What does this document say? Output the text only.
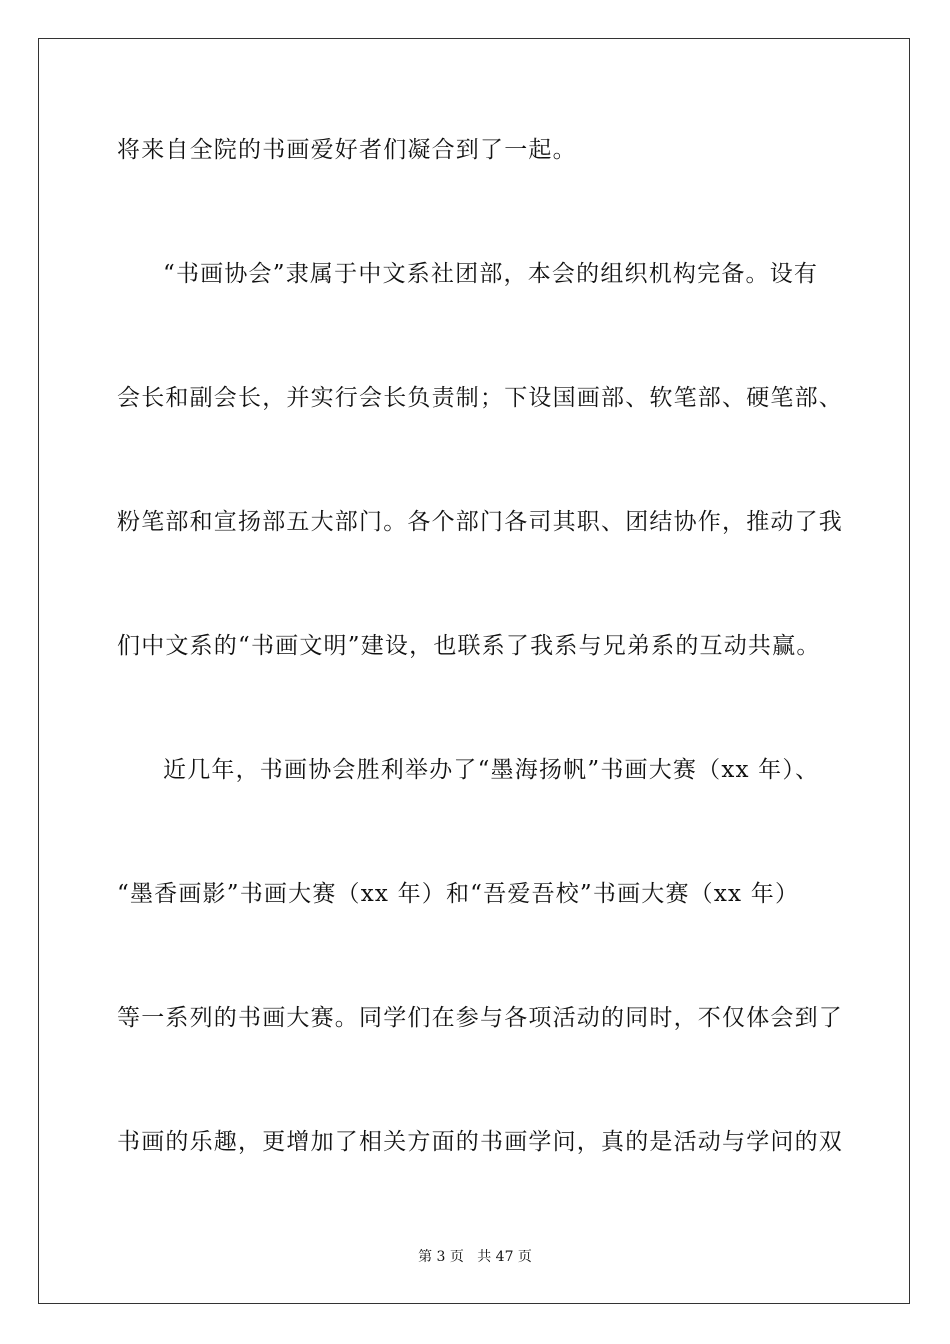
将来自全院的书画爱好者们凝合到了一起。
“书画协会”隶属于中文系社团部，本会的组织机构完备。设有
会长和副会长，并实行会长负责制；下设国画部、软笔部、硬笔部、
粉笔部和宣扬部五大部门。各个部门各司其职、团结协作，推动了我
们中文系的“书画文明”建设，也联系了我系与兄弟系的互动共赢。
近几年，书画协会胜利举办了“墨海扬帆”书画大赛（xx 年）、
“墨香画影”书画大赛（xx 年）和“吾爱吾校”书画大赛（xx 年）
等一系列的书画大赛。同学们在参与各项活动的同时，不仅体会到了
书画的乐趣，更增加了相关方面的书画学问，真的是活动与学问的双
第 3 页   共 47 页
